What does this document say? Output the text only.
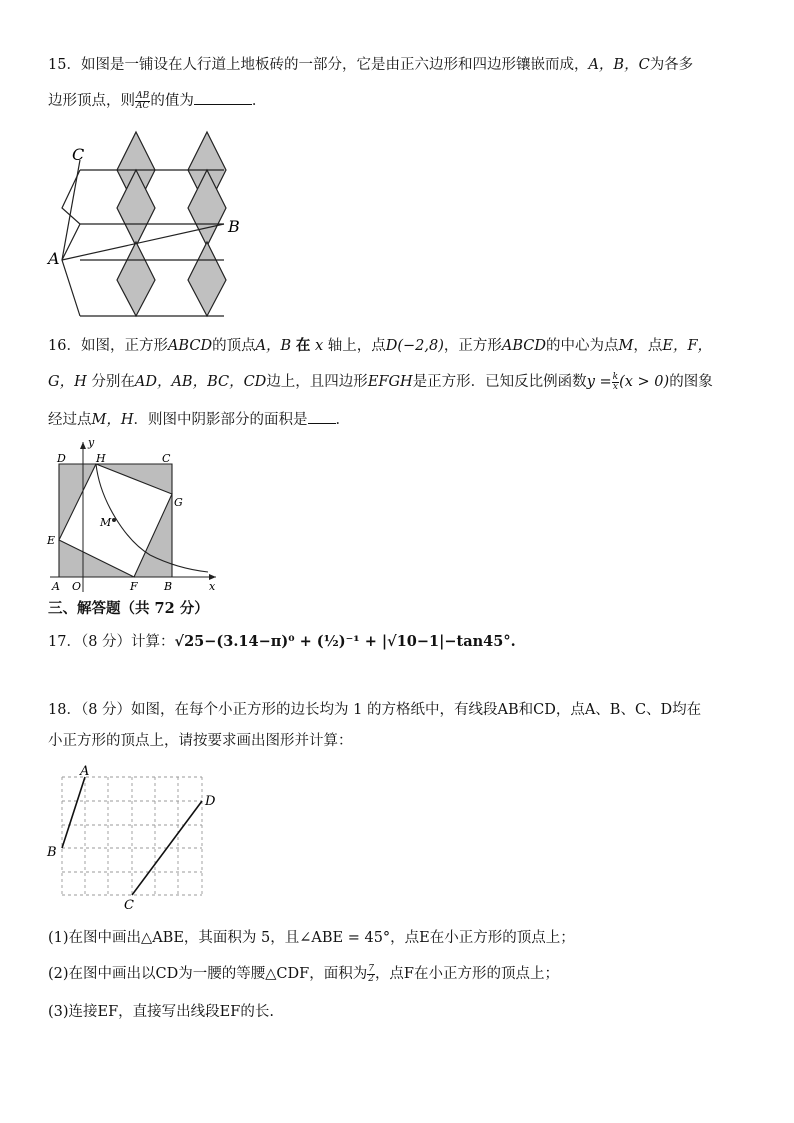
15．如图是一铺设在人行道上地板砖的一部分，它是由正六边形和四边形镶嵌而成，A，B，C为各多
边形顶点，则 $\frac{AB}{AC}$ 的值为	．
C
B
A
16．如图，正方形ABCD的顶点A，B 在 x 轴上，点D(−2,8)，正方形ABCD的中心为点M，点E，F，
G，H 分别在AD，AB，BC，CD边上，且四边形EFGH是正方形．已知反比例函数$y = \frac{k}{x} (x > 0)$的图象
经过点M，H．则图中阴影部分的面积是 ．
D	H	C
G
M
E
A O	F B	x
y
三、解答题（共 72 分）
17．（8 分）计算：√25−(3.14−π)⁰ + (½)⁻¹ + |√10−1|−tan45°.
18．（8 分）如图，在每个小正方形的边长均为 1 的方格纸中，有线段AB和CD，点A、B、C、D均在
小正方形的顶点上，请按要求画出图形并计算：
A
B
C
D
(1)在图中画出△ABE，其面积为 5，且∠ABE = 45°，点E在小正方形的顶点上；
(2)在图中画出以CD为一腰的等腰△CDF，面积为 $\frac{7}{2}$ ，点F在小正方形的顶点上；
(3)连接EF，直接写出线段EF的长.
